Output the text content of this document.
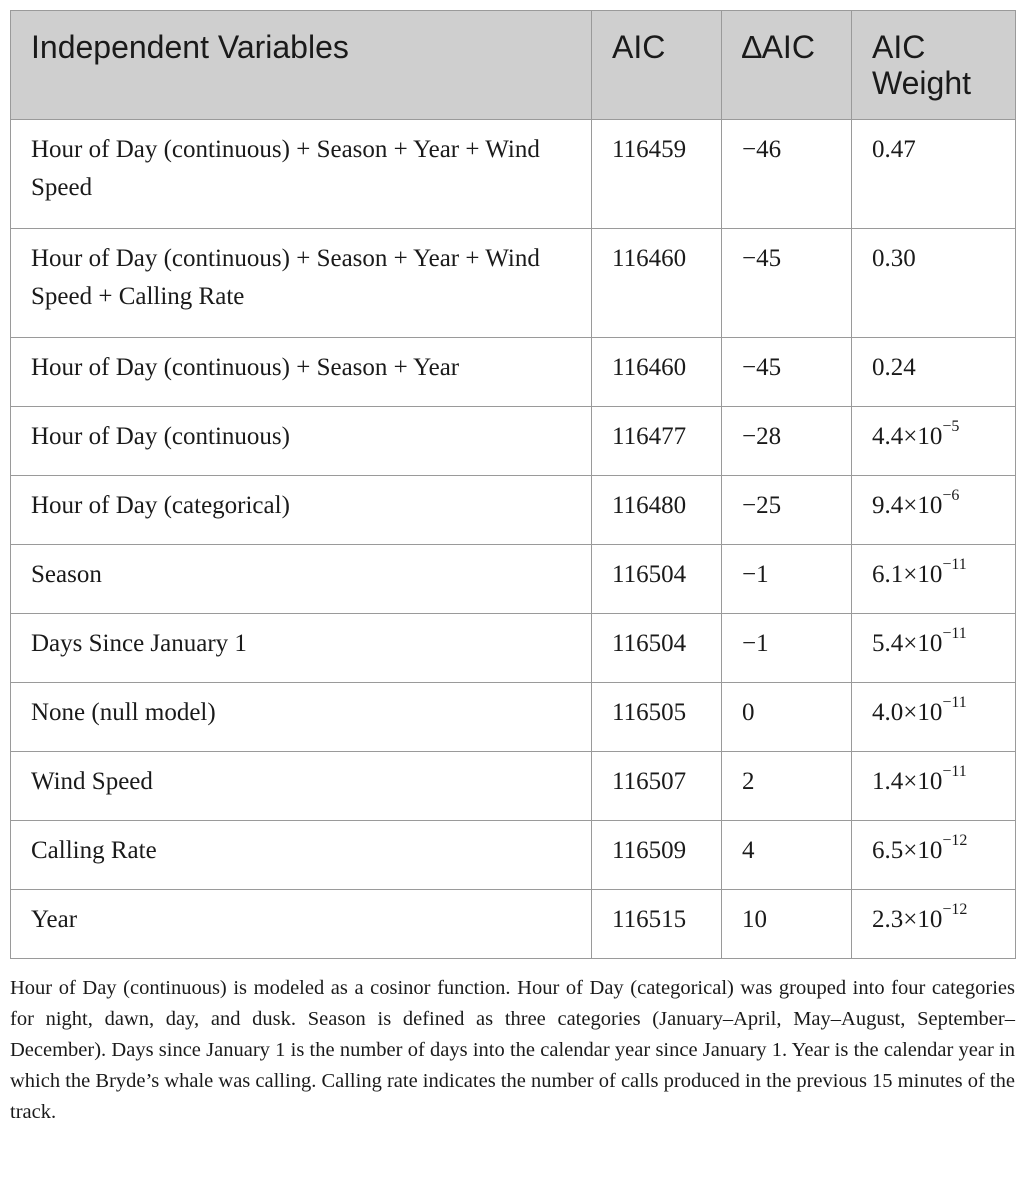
Independent Variables	AIC	∆AIC	AIC Weight
Hour of Day (continuous) + Season + Year + Wind Speed	116459	−46	0.47
Hour of Day (continuous) + Season + Year + Wind Speed + Calling Rate	116460	−45	0.30
Hour of Day (continuous) + Season + Year	116460	−45	0.24
Hour of Day (continuous)	116477	−28	$4.4\times 10^{-5}$
Hour of Day (categorical)	116480	−25	$9.4\times 10^{-6}$
Season	116504	−1	$6.1\times 10^{-11}$
Days Since January 1	116504	−1	$5.4\times 10^{-11}$
None (null model)	116505	0	$4.0\times 10^{-11}$
Wind Speed	116507	2	$1.4\times 10^{-11}$
Calling Rate	116509	4	$6.5\times 10^{-12}$
Year	116515	10	$2.3\times 10^{-12}$

Hour of Day (continuous) is modeled as a cosinor function. Hour of Day (categorical) was grouped into four categories for night, dawn, day, and dusk. Season is defined as three categories (January–April, May–August, September–December). Days since January 1 is the number of days into the calendar year since January 1. Year is the calendar year in which the Bryde’s whale was calling. Calling rate indicates the number of calls produced in the previous 15 minutes of the track.
